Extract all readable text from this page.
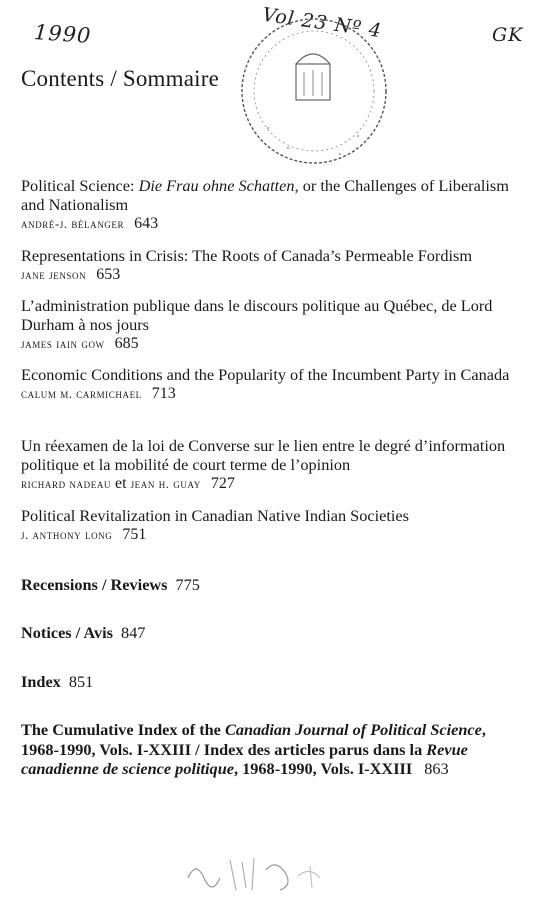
1990	Vol 23 Nº 4	GK
Contents / Sommaire
Political Science: Die Frau ohne Schatten, or the Challenges of Liberalism and Nationalism
andré-j. bélanger 643
Representations in Crisis: The Roots of Canada’s Permeable Fordism
jane jenson 653
L’administration publique dans le discours politique au Québec, de Lord Durham à nos jours
james iain gow 685
Economic Conditions and the Popularity of the Incumbent Party in Canada
calum m. carmichael 713
Un réexamen de la loi de Converse sur le lien entre le degré d’information politique et la mobilité de court terme de l’opinion
richard nadeau et jean h. guay 727
Political Revitalization in Canadian Native Indian Societies
j. anthony long 751
Recensions / Reviews 775
Notices / Avis 847
Index 851
The Cumulative Index of the Canadian Journal of Political Science, 1968-1990, Vols. I-XXIII / Index des articles parus dans la Revue canadienne de science politique, 1968-1990, Vols. I-XXIII 863
